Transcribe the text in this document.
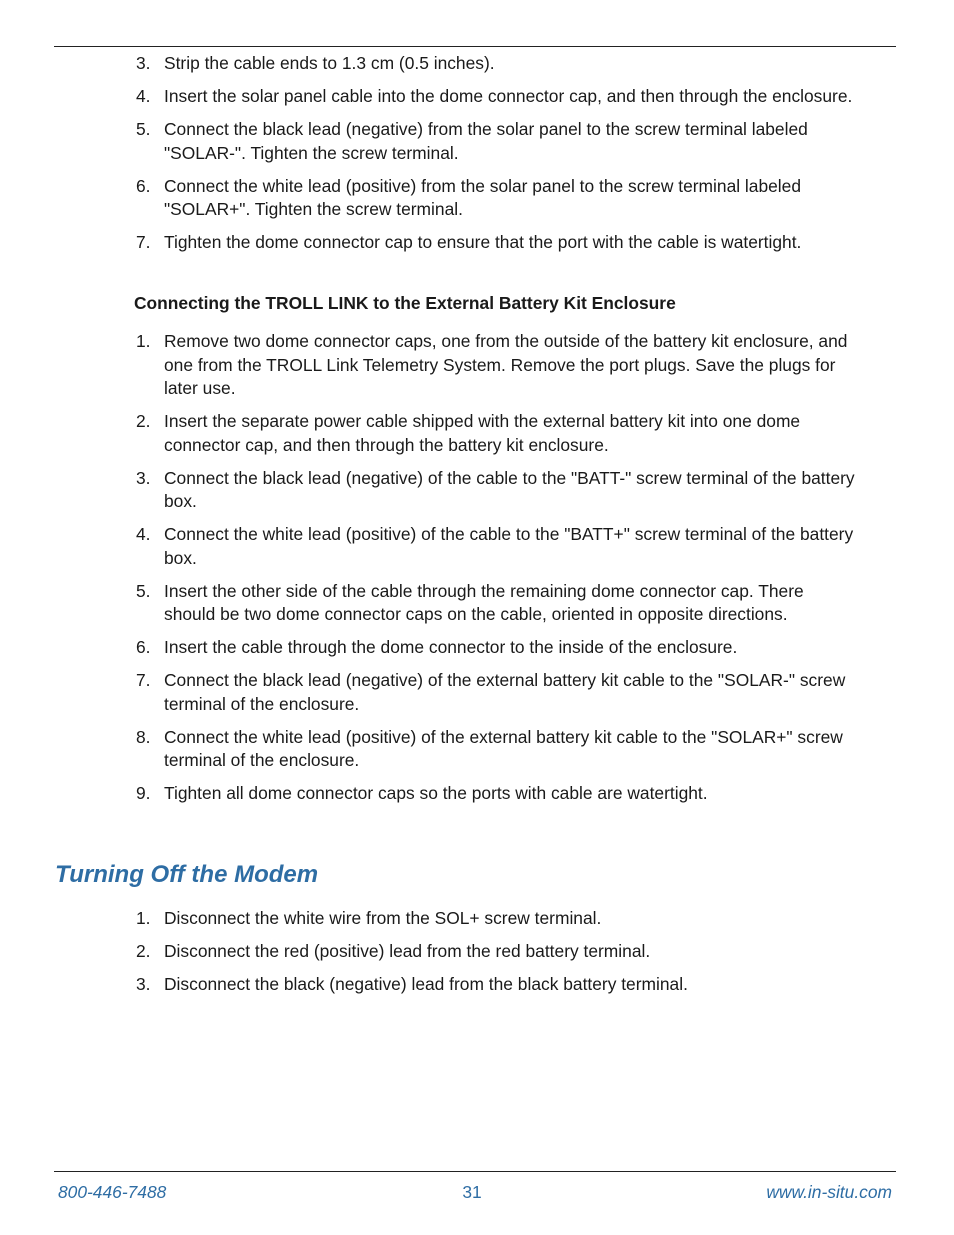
3. Strip the cable ends to 1.3 cm (0.5 inches).
4. Insert the solar panel cable into the dome connector cap, and then through the enclosure.
5. Connect the black lead (negative) from the solar panel to the screw terminal labeled "SOLAR-". Tighten the screw terminal.
6. Connect the white lead (positive) from the solar panel to the screw terminal labeled "SOLAR+". Tighten the screw terminal.
7. Tighten the dome connector cap to ensure that the port with the cable is watertight.
Connecting the TROLL LINK to the External Battery Kit Enclosure
1. Remove two dome connector caps, one from the outside of the battery kit enclosure, and one from the TROLL Link Telemetry System. Remove the port plugs. Save the plugs for later use.
2. Insert the separate power cable shipped with the external battery kit into one dome connector cap, and then through the battery kit enclosure.
3. Connect the black lead (negative) of the cable to the "BATT-" screw terminal of the battery box.
4. Connect the white lead (positive) of the cable to the "BATT+" screw terminal of the battery box.
5. Insert the other side of the cable through the remaining dome connector cap. There should be two dome connector caps on the cable, oriented in opposite directions.
6. Insert the cable through the dome connector to the inside of the enclosure.
7. Connect the black lead (negative) of the external battery kit cable to the "SOLAR-" screw terminal of the enclosure.
8. Connect the white lead (positive) of the external battery kit cable to the "SOLAR+" screw terminal of the enclosure.
9. Tighten all dome connector caps so the ports with cable are watertight.
Turning Off the Modem
1. Disconnect the white wire from the SOL+ screw terminal.
2. Disconnect the red (positive) lead from the red battery terminal.
3. Disconnect the black (negative) lead from the black battery terminal.
800-446-7488	31	www.in-situ.com
